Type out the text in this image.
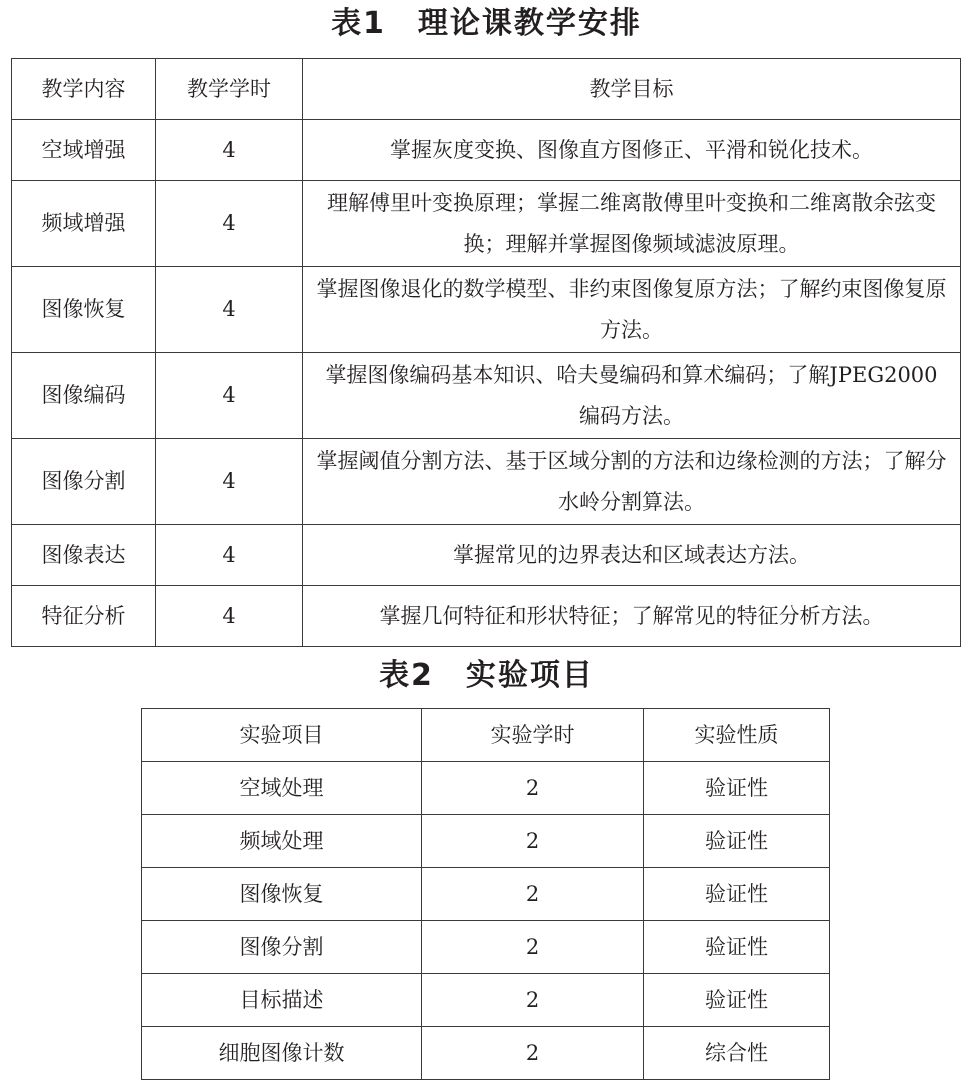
表1　理论课教学安排
教学内容	教学学时	教学目标
空域增强	4	掌握灰度变换、图像直方图修正、平滑和锐化技术。
频域增强	4	理解傅里叶变换原理；掌握二维离散傅里叶变换和二维离散余弦变换；理解并掌握图像频域滤波原理。
图像恢复	4	掌握图像退化的数学模型、非约束图像复原方法；了解约束图像复原方法。
图像编码	4	掌握图像编码基本知识、哈夫曼编码和算术编码；了解JPEG2000编码方法。
图像分割	4	掌握阈值分割方法、基于区域分割的方法和边缘检测的方法；了解分水岭分割算法。
图像表达	4	掌握常见的边界表达和区域表达方法。
特征分析	4	掌握几何特征和形状特征；了解常见的特征分析方法。
表2　实验项目
实验项目	实验学时	实验性质
空域处理	2	验证性
频域处理	2	验证性
图像恢复	2	验证性
图像分割	2	验证性
目标描述	2	验证性
细胞图像计数	2	综合性
